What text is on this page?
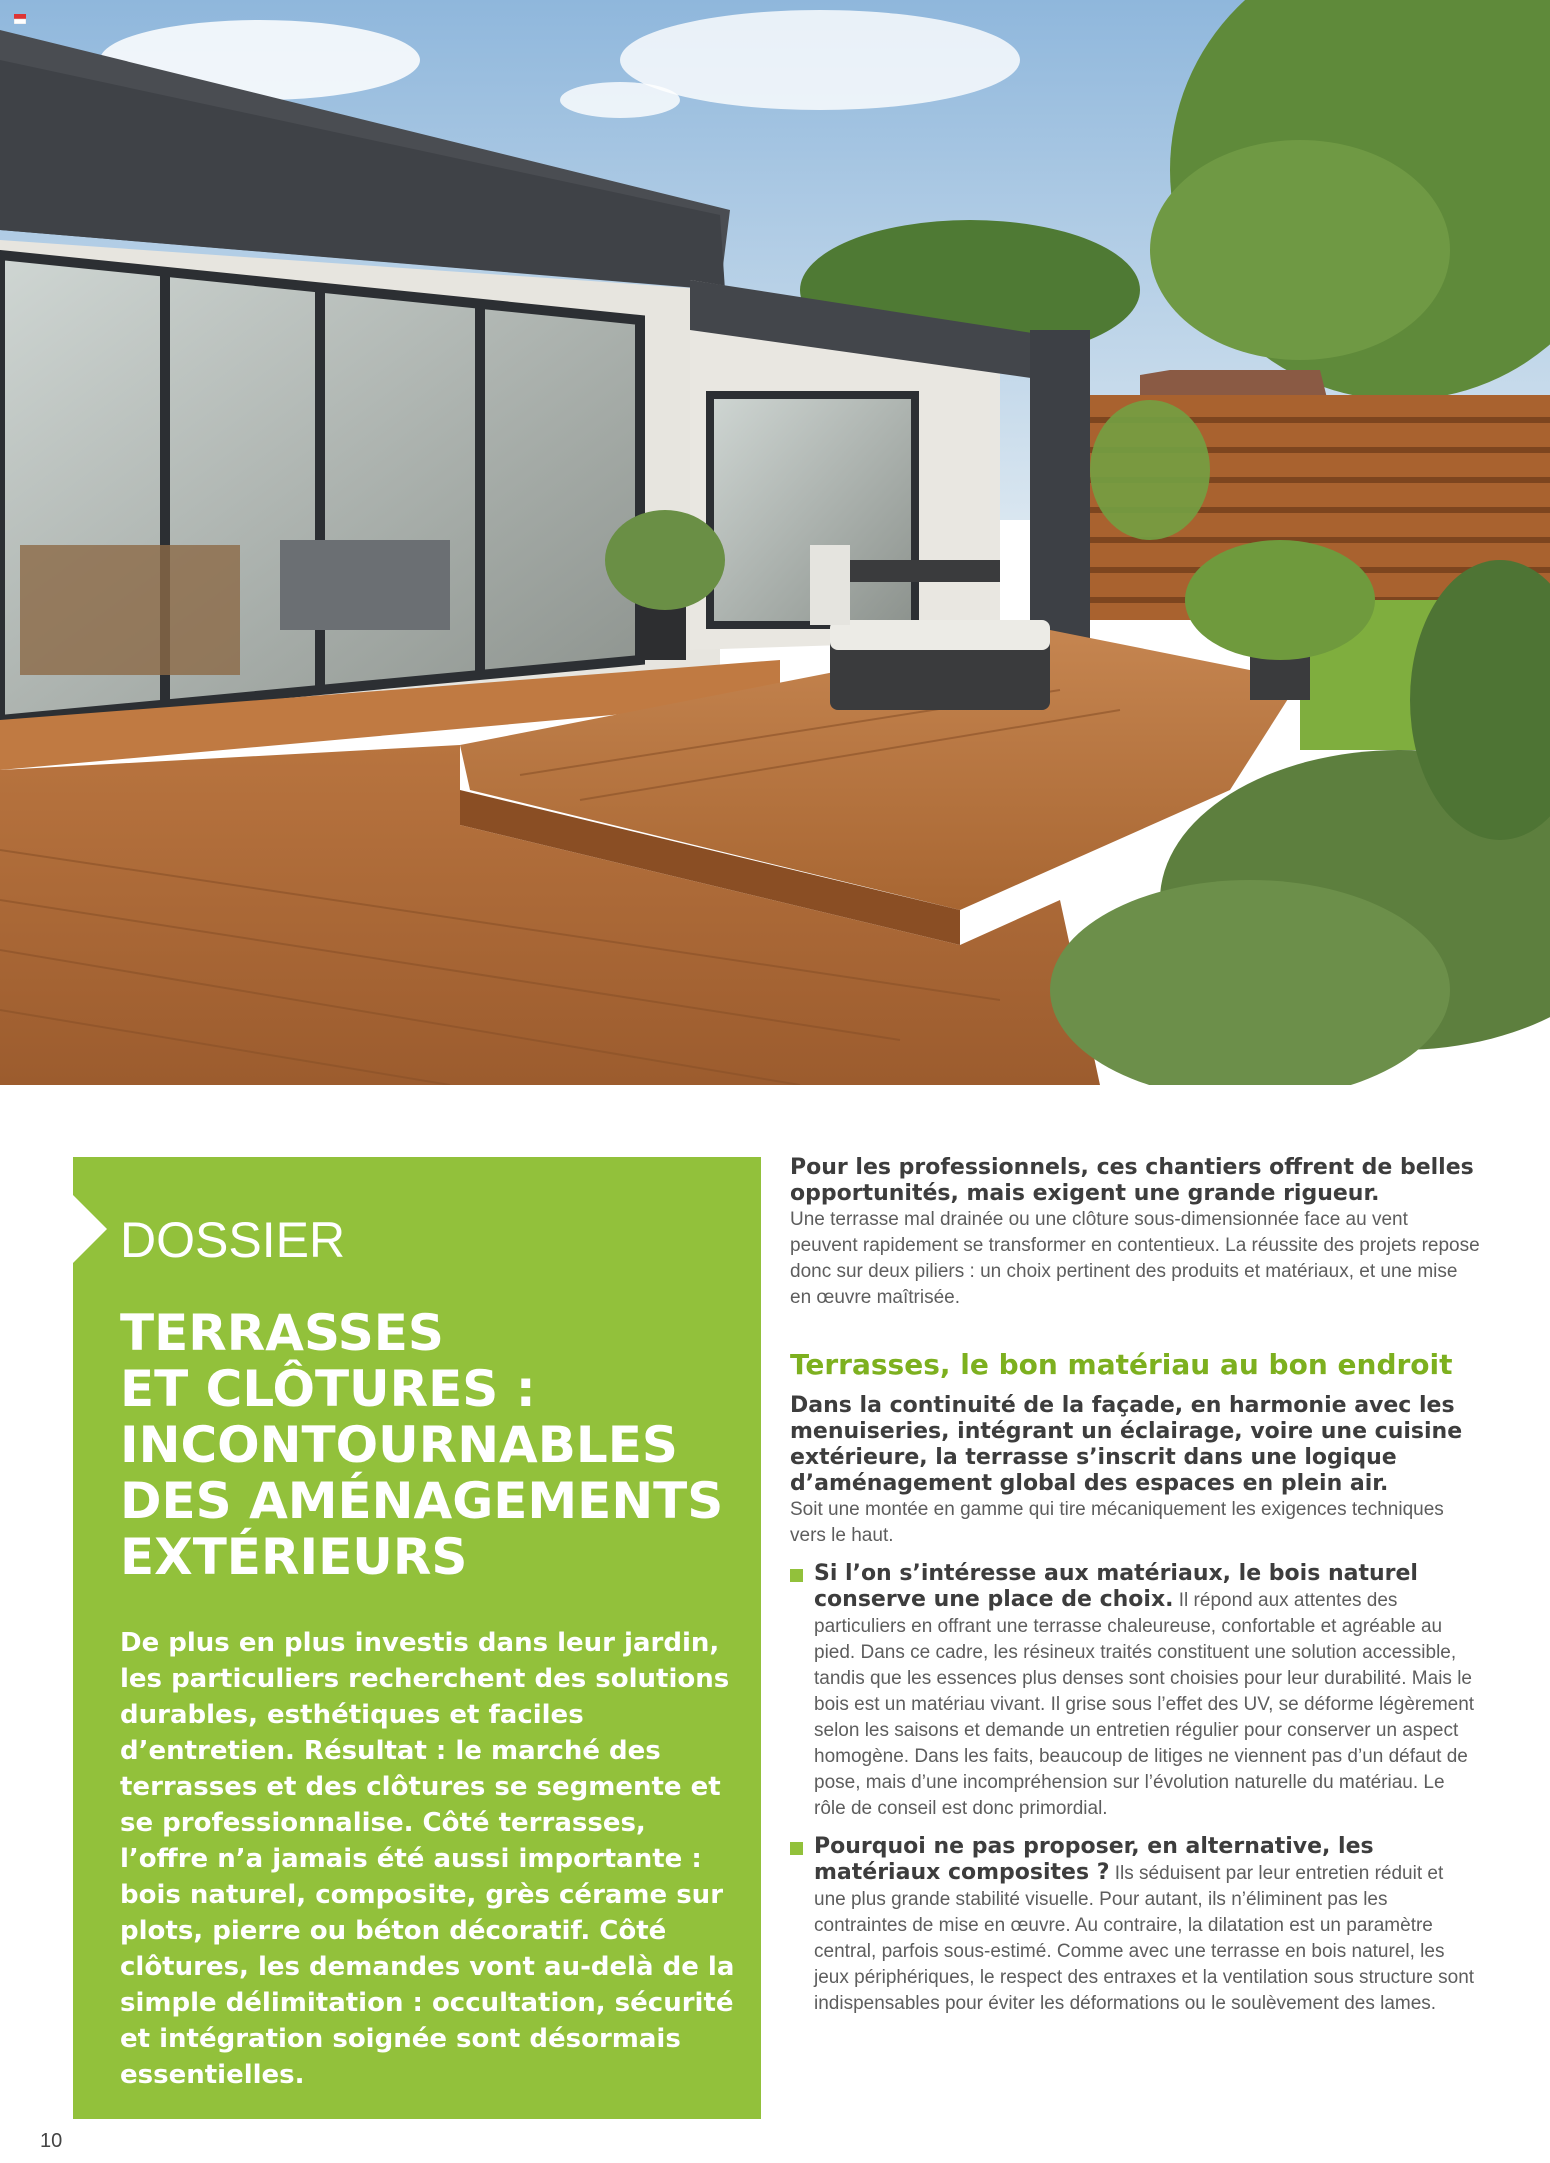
DOSSIER
TERRASSES
ET CLÔTURES :
INCONTOURNABLES
DES AMÉNAGEMENTS
EXTÉRIEURS

De plus en plus investis dans leur jardin, les particuliers recherchent des solutions durables, esthétiques et faciles d’entretien. Résultat : le marché des terrasses et des clôtures se segmente et se professionnalise. Côté terrasses, l’offre n’a jamais été aussi importante : bois naturel, composite, grès cérame sur plots, pierre ou béton décoratif. Côté clôtures, les demandes vont au-delà de la simple délimitation : occultation, sécurité et intégration soignée sont désormais essentielles.

Pour les professionnels, ces chantiers offrent de belles opportunités, mais exigent une grande rigueur.

Une terrasse mal drainée ou une clôture sous-dimensionnée face au vent peuvent rapidement se transformer en contentieux. La réussite des projets repose donc sur deux piliers : un choix pertinent des produits et matériaux, et une mise en œuvre maîtrisée.

Terrasses, le bon matériau au bon endroit

Dans la continuité de la façade, en harmonie avec les menuiseries, intégrant un éclairage, voire une cuisine extérieure, la terrasse s’inscrit dans une logique d’aménagement global des espaces en plein air.

Soit une montée en gamme qui tire mécaniquement les exigences techniques vers le haut.

Si l’on s’intéresse aux matériaux, le bois naturel conserve une place de choix. Il répond aux attentes des particuliers en offrant une terrasse chaleureuse, confortable et agréable au pied. Dans ce cadre, les résineux traités constituent une solution accessible, tandis que les essences plus denses sont choisies pour leur durabilité. Mais le bois est un matériau vivant. Il grise sous l’effet des UV, se déforme légèrement selon les saisons et demande un entretien régulier pour conserver un aspect homogène. Dans les faits, beaucoup de litiges ne viennent pas d’un défaut de pose, mais d’une incompréhension sur l’évolution naturelle du matériau. Le rôle de conseil est donc primordial.
Pourquoi ne pas proposer, en alternative, les matériaux composites ? Ils séduisent par leur entretien réduit et une plus grande stabilité visuelle. Pour autant, ils n’éliminent pas les contraintes de mise en œuvre. Au contraire, la dilatation est un paramètre central, parfois sous-estimé. Comme avec une terrasse en bois naturel, les jeux périphériques, le respect des entraxes et la ventilation sous structure sont indispensables pour éviter les déformations ou le soulèvement des lames.
10
